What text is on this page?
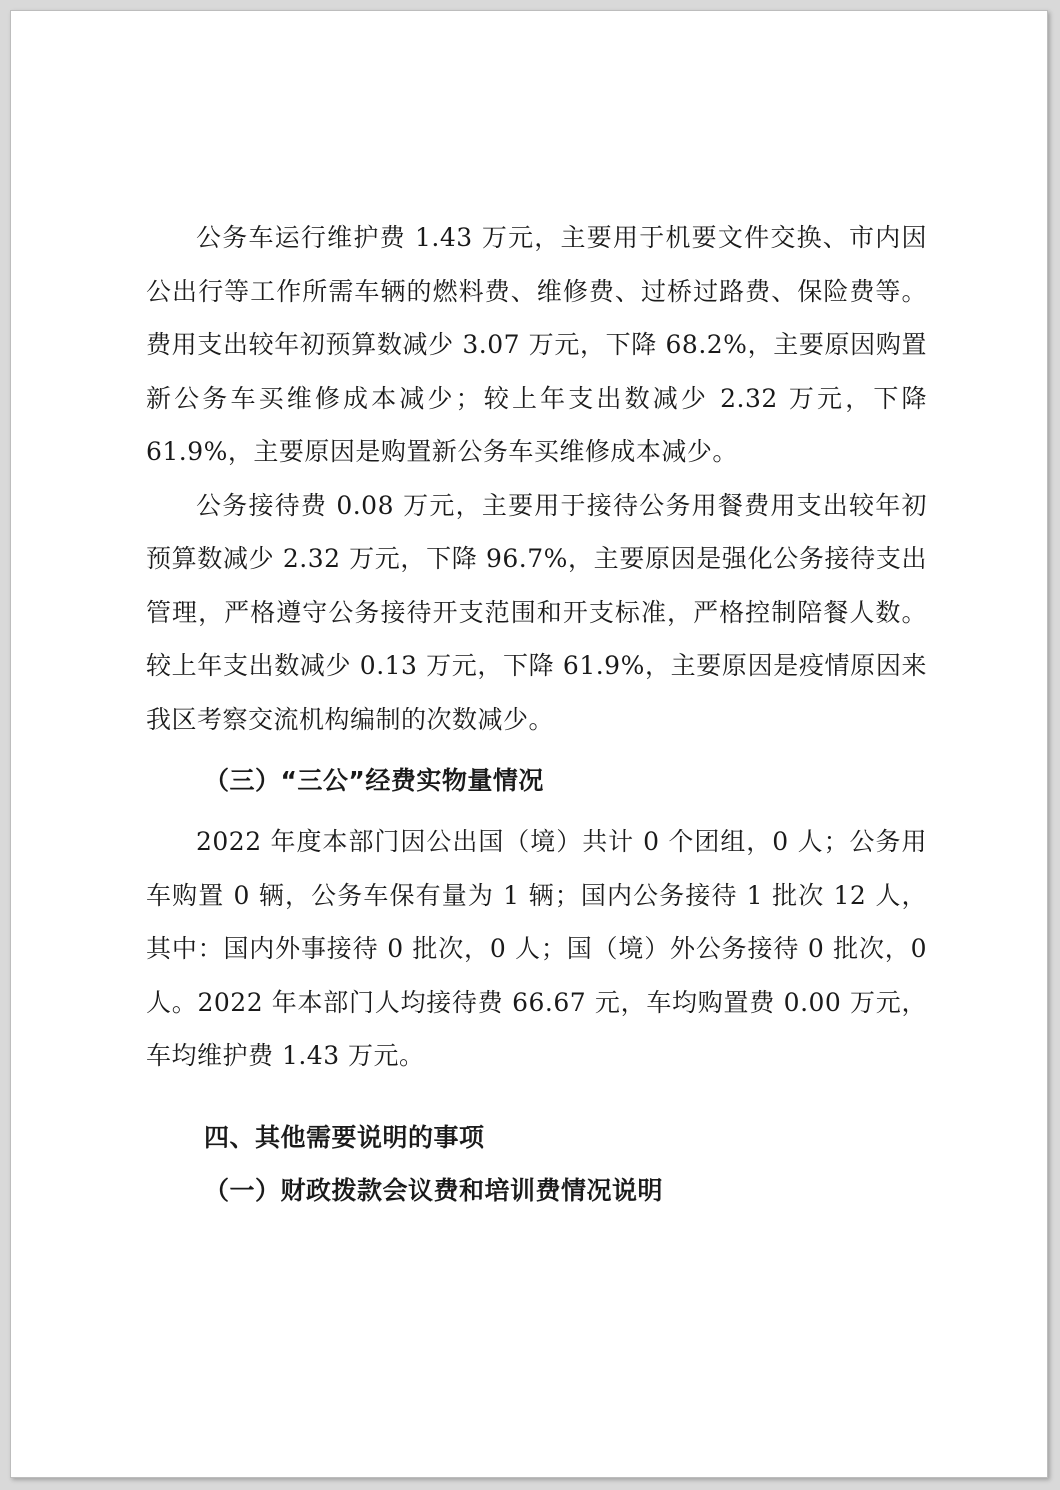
公务车运行维护费 1.43 万元，主要用于机要文件交换、市内因公出行等工作所需车辆的燃料费、维修费、过桥过路费、保险费等。费用支出较年初预算数减少 3.07 万元，下降 68.2%，主要原因购置新公务车买维修成本减少；较上年支出数减少 2.32 万元，下降 61.9%，主要原因是购置新公务车买维修成本减少。

公务接待费 0.08 万元，主要用于接待公务用餐费用支出较年初预算数减少 2.32 万元，下降 96.7%，主要原因是强化公务接待支出管理，严格遵守公务接待开支范围和开支标准，严格控制陪餐人数。较上年支出数减少 0.13 万元，下降 61.9%，主要原因是疫情原因来我区考察交流机构编制的次数减少。

（三）“三公”经费实物量情况

2022 年度本部门因公出国（境）共计 0 个团组，0 人；公务用车购置 0 辆，公务车保有量为 1 辆；国内公务接待 1 批次 12 人，其中：国内外事接待 0 批次，0 人；国（境）外公务接待 0 批次，0 人。2022 年本部门人均接待费 66.67 元，车均购置费 0.00 万元，车均维护费 1.43 万元。

四、其他需要说明的事项

（一）财政拨款会议费和培训费情况说明
